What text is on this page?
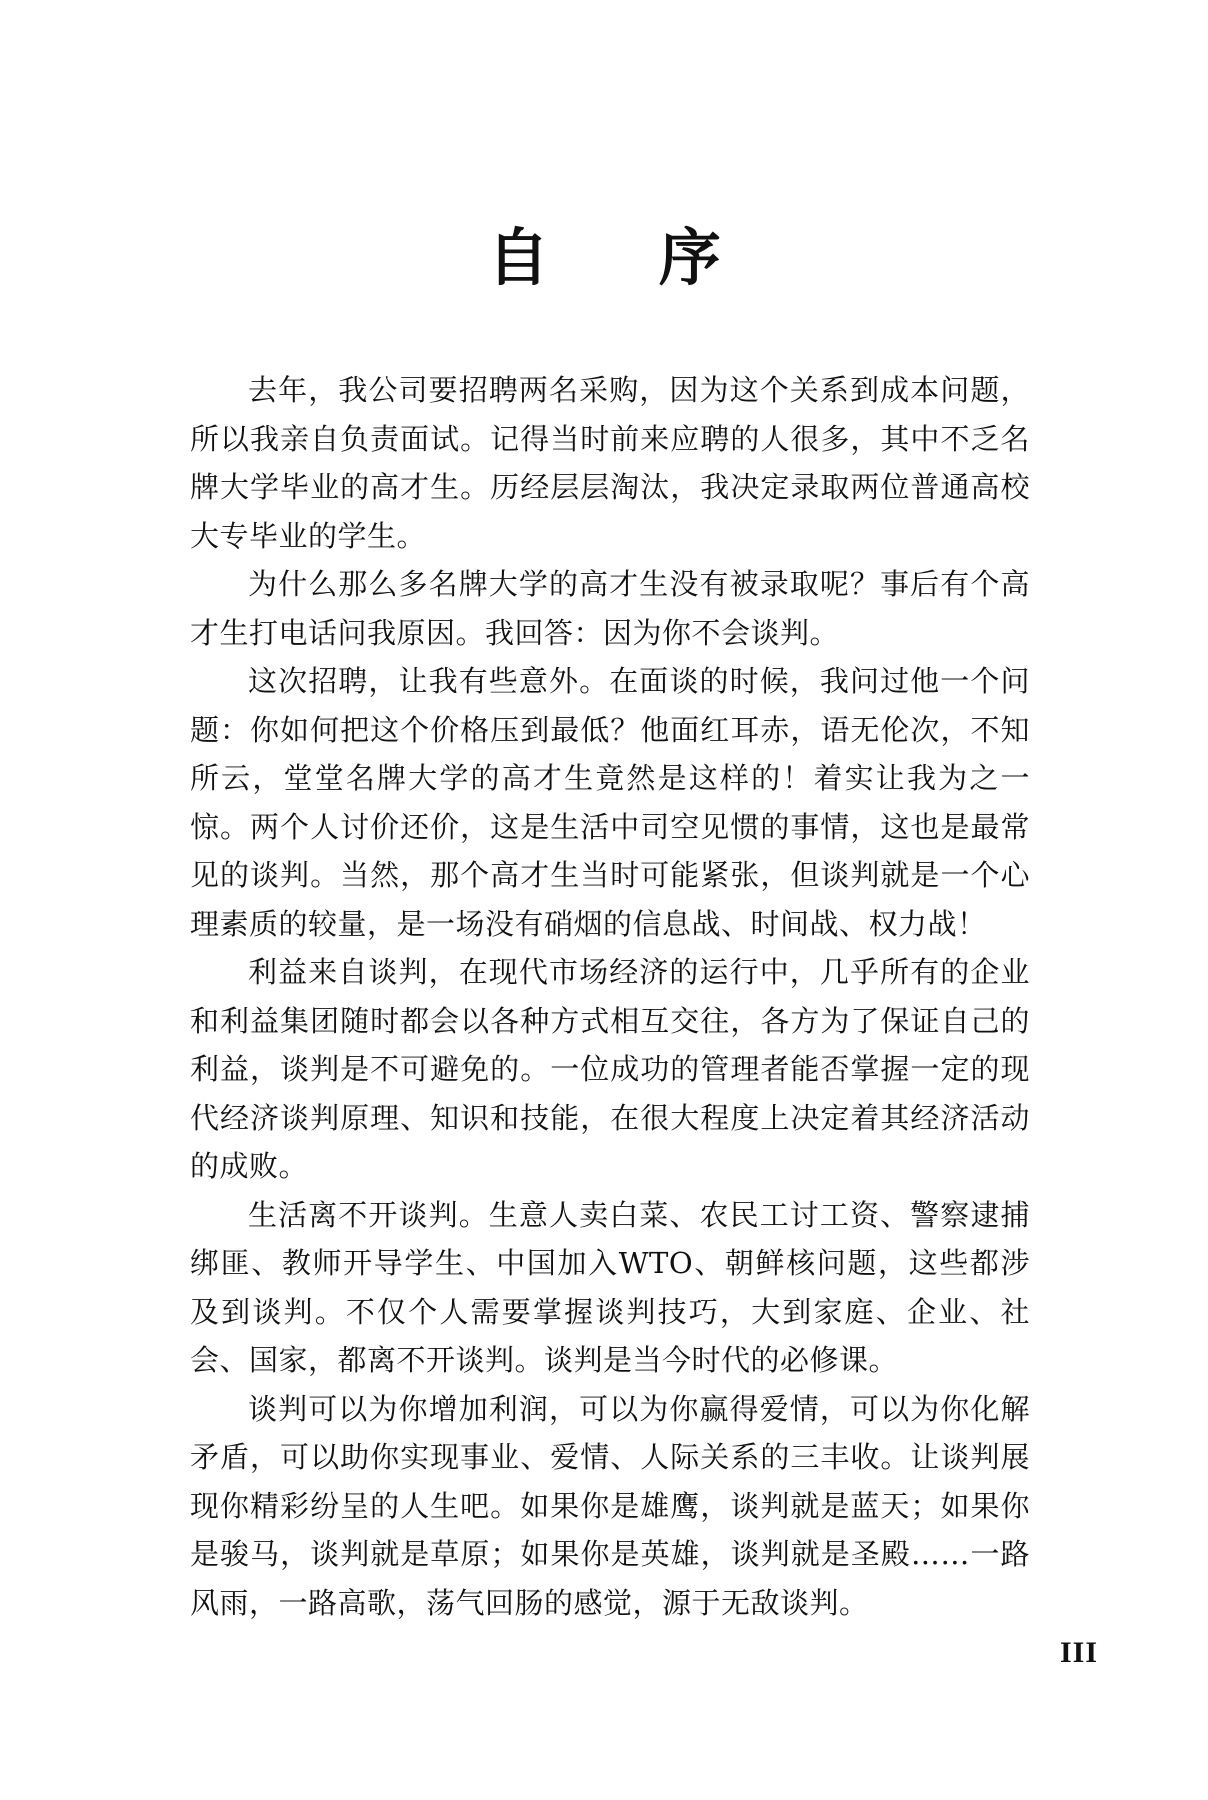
自 序

去年，我公司要招聘两名采购，因为这个关系到成本问题，所以我亲自负责面试。记得当时前来应聘的人很多，其中不乏名牌大学毕业的高才生。历经层层淘汰，我决定录取两位普通高校大专毕业的学生。

为什么那么多名牌大学的高才生没有被录取呢？事后有个高才生打电话问我原因。我回答：因为你不会谈判。

这次招聘，让我有些意外。在面谈的时候，我问过他一个问题：你如何把这个价格压到最低？他面红耳赤，语无伦次，不知所云，堂堂名牌大学的高才生竟然是这样的！着实让我为之一惊。两个人讨价还价，这是生活中司空见惯的事情，这也是最常见的谈判。当然，那个高才生当时可能紧张，但谈判就是一个心理素质的较量，是一场没有硝烟的信息战、时间战、权力战！

利益来自谈判，在现代市场经济的运行中，几乎所有的企业和利益集团随时都会以各种方式相互交往，各方为了保证自己的利益，谈判是不可避免的。一位成功的管理者能否掌握一定的现代经济谈判原理、知识和技能，在很大程度上决定着其经济活动的成败。

生活离不开谈判。生意人卖白菜、农民工讨工资、警察逮捕绑匪、教师开导学生、中国加入WTO、朝鲜核问题，这些都涉及到谈判。不仅个人需要掌握谈判技巧，大到家庭、企业、社会、国家，都离不开谈判。谈判是当今时代的必修课。

谈判可以为你增加利润，可以为你赢得爱情，可以为你化解矛盾，可以助你实现事业、爱情、人际关系的三丰收。让谈判展现你精彩纷呈的人生吧。如果你是雄鹰，谈判就是蓝天；如果你是骏马，谈判就是草原；如果你是英雄，谈判就是圣殿……一路风雨，一路高歌，荡气回肠的感觉，源于无敌谈判。

III
